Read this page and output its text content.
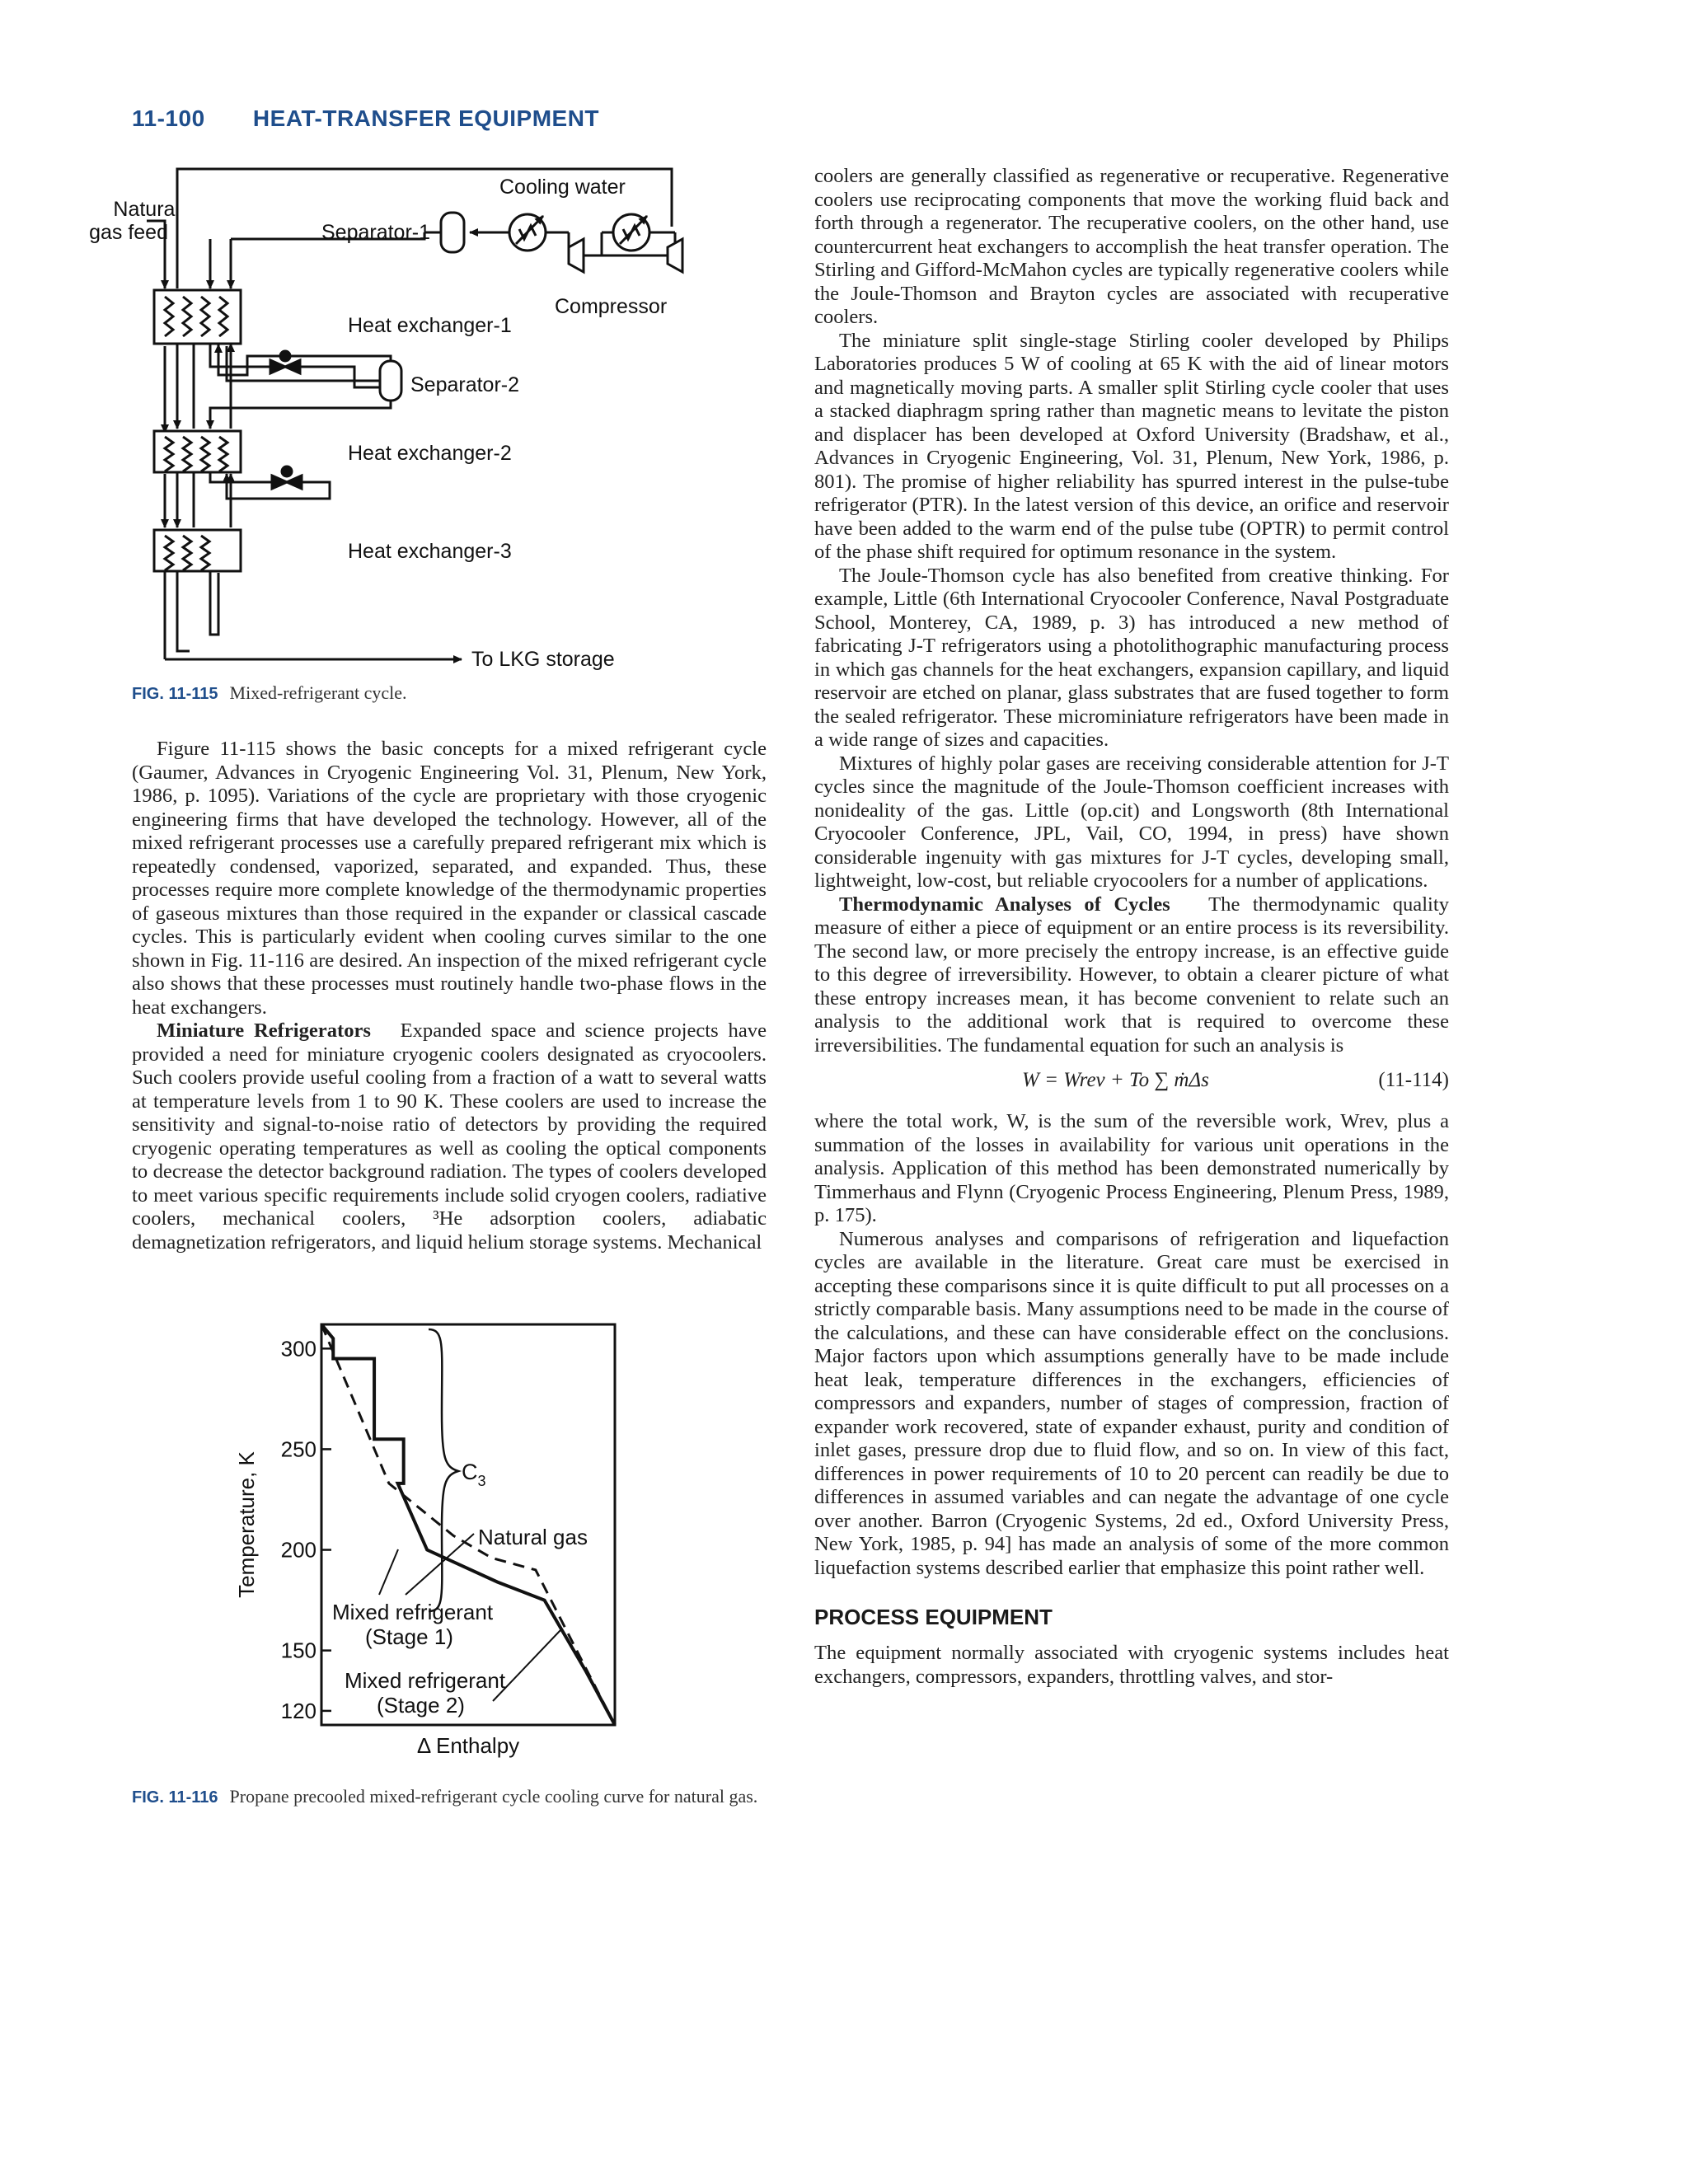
11-100 HEAT-TRANSFER EQUIPMENT
Cooling water
Natural
gas feed	Separator-1
Heat exchanger-1
Compressor
Separator-2
Heat exchanger-2
Heat exchanger-3
To LKG storage
FIG. 11-115 Mixed-refrigerant cycle.

Figure 11-115 shows the basic concepts for a mixed refrigerant cycle (Gaumer, Advances in Cryogenic Engineering Vol. 31, Plenum, New York, 1986, p. 1095). Variations of the cycle are proprietary with those cryogenic engineering firms that have developed the technology. However, all of the mixed refrigerant processes use a carefully prepared refrigerant mix which is repeatedly condensed, vaporized, separated, and expanded. Thus, these processes require more complete knowledge of the thermodynamic properties of gaseous mixtures than those required in the expander or classical cascade cycles. This is particularly evident when cooling curves similar to the one shown in Fig. 11-116 are desired. An inspection of the mixed refrigerant cycle also shows that these processes must routinely handle two-phase flows in the heat exchangers.

Miniature Refrigerators Expanded space and science projects have provided a need for miniature cryogenic coolers designated as cryocoolers. Such coolers provide useful cooling from a fraction of a watt to several watts at temperature levels from 1 to 90 K. These coolers are used to increase the sensitivity and signal-to-noise ratio of detectors by providing the required cryogenic operating temperatures as well as cooling the optical components to decrease the detector background radiation. The types of coolers developed to meet various specific requirements include solid cryogen coolers, radiative coolers, mechanical coolers, ³He adsorption coolers, adiabatic demagnetization refrigerators, and liquid helium storage systems. Mechanical

300
250
200
150
120
$C_3$
Natural gas
Mixed refrigerant
(Stage 1)
Mixed refrigerant
(Stage 2)
Δ Enthalpy
Temperature, K
FIG. 11-116 Propane precooled mixed-refrigerant cycle cooling curve for natural gas.

coolers are generally classified as regenerative or recuperative. Regenerative coolers use reciprocating components that move the working fluid back and forth through a regenerator. The recuperative coolers, on the other hand, use countercurrent heat exchangers to accomplish the heat transfer operation. The Stirling and Gifford-McMahon cycles are typically regenerative coolers while the Joule-Thomson and Brayton cycles are associated with recuperative coolers.

The miniature split single-stage Stirling cooler developed by Philips Laboratories produces 5 W of cooling at 65 K with the aid of linear motors and magnetically moving parts. A smaller split Stirling cycle cooler that uses a stacked diaphragm spring rather than magnetic means to levitate the piston and displacer has been developed at Oxford University (Bradshaw, et al., Advances in Cryogenic Engineering, Vol. 31, Plenum, New York, 1986, p. 801). The promise of higher reliability has spurred interest in the pulse-tube refrigerator (PTR). In the latest version of this device, an orifice and reservoir have been added to the warm end of the pulse tube (OPTR) to permit control of the phase shift required for optimum resonance in the system.

The Joule-Thomson cycle has also benefited from creative thinking. For example, Little (6th International Cryocooler Conference, Naval Postgraduate School, Monterey, CA, 1989, p. 3) has introduced a new method of fabricating J-T refrigerators using a photolithographic manufacturing process in which gas channels for the heat exchangers, expansion capillary, and liquid reservoir are etched on planar, glass substrates that are fused together to form the sealed refrigerator. These microminiature refrigerators have been made in a wide range of sizes and capacities.

Mixtures of highly polar gases are receiving considerable attention for J-T cycles since the magnitude of the Joule-Thomson coefficient increases with nonideality of the gas. Little (op.cit) and Longsworth (8th International Cryocooler Conference, JPL, Vail, CO, 1994, in press) have shown considerable ingenuity with gas mixtures for J-T cycles, developing small, lightweight, low-cost, but reliable cryocoolers for a number of applications.

Thermodynamic Analyses of Cycles The thermodynamic quality measure of either a piece of equipment or an entire process is its reversibility. The second law, or more precisely the entropy increase, is an effective guide to this degree of irreversibility. However, to obtain a clearer picture of what these entropy increases mean, it has become convenient to relate such an analysis to the additional work that is required to overcome these irreversibilities. The fundamental equation for such an analysis is

W = Wrev + To ∑ ṁΔs	(11-114)

where the total work, W, is the sum of the reversible work, Wrev, plus a summation of the losses in availability for various unit operations in the analysis. Application of this method has been demonstrated numerically by Timmerhaus and Flynn (Cryogenic Process Engineering, Plenum Press, 1989, p. 175).

Numerous analyses and comparisons of refrigeration and liquefaction cycles are available in the literature. Great care must be exercised in accepting these comparisons since it is quite difficult to put all processes on a strictly comparable basis. Many assumptions need to be made in the course of the calculations, and these can have considerable effect on the conclusions. Major factors upon which assumptions generally have to be made include heat leak, temperature differences in the exchangers, efficiencies of compressors and expanders, number of stages of compression, fraction of expander work recovered, state of expander exhaust, purity and condition of inlet gases, pressure drop due to fluid flow, and so on. In view of this fact, differences in power requirements of 10 to 20 percent can readily be due to differences in assumed variables and can negate the advantage of one cycle over another. Barron (Cryogenic Systems, 2d ed., Oxford University Press, New York, 1985, p. 94] has made an analysis of some of the more common liquefaction systems described earlier that emphasize this point rather well.

PROCESS EQUIPMENT

The equipment normally associated with cryogenic systems includes heat exchangers, compressors, expanders, throttling valves, and stor-
